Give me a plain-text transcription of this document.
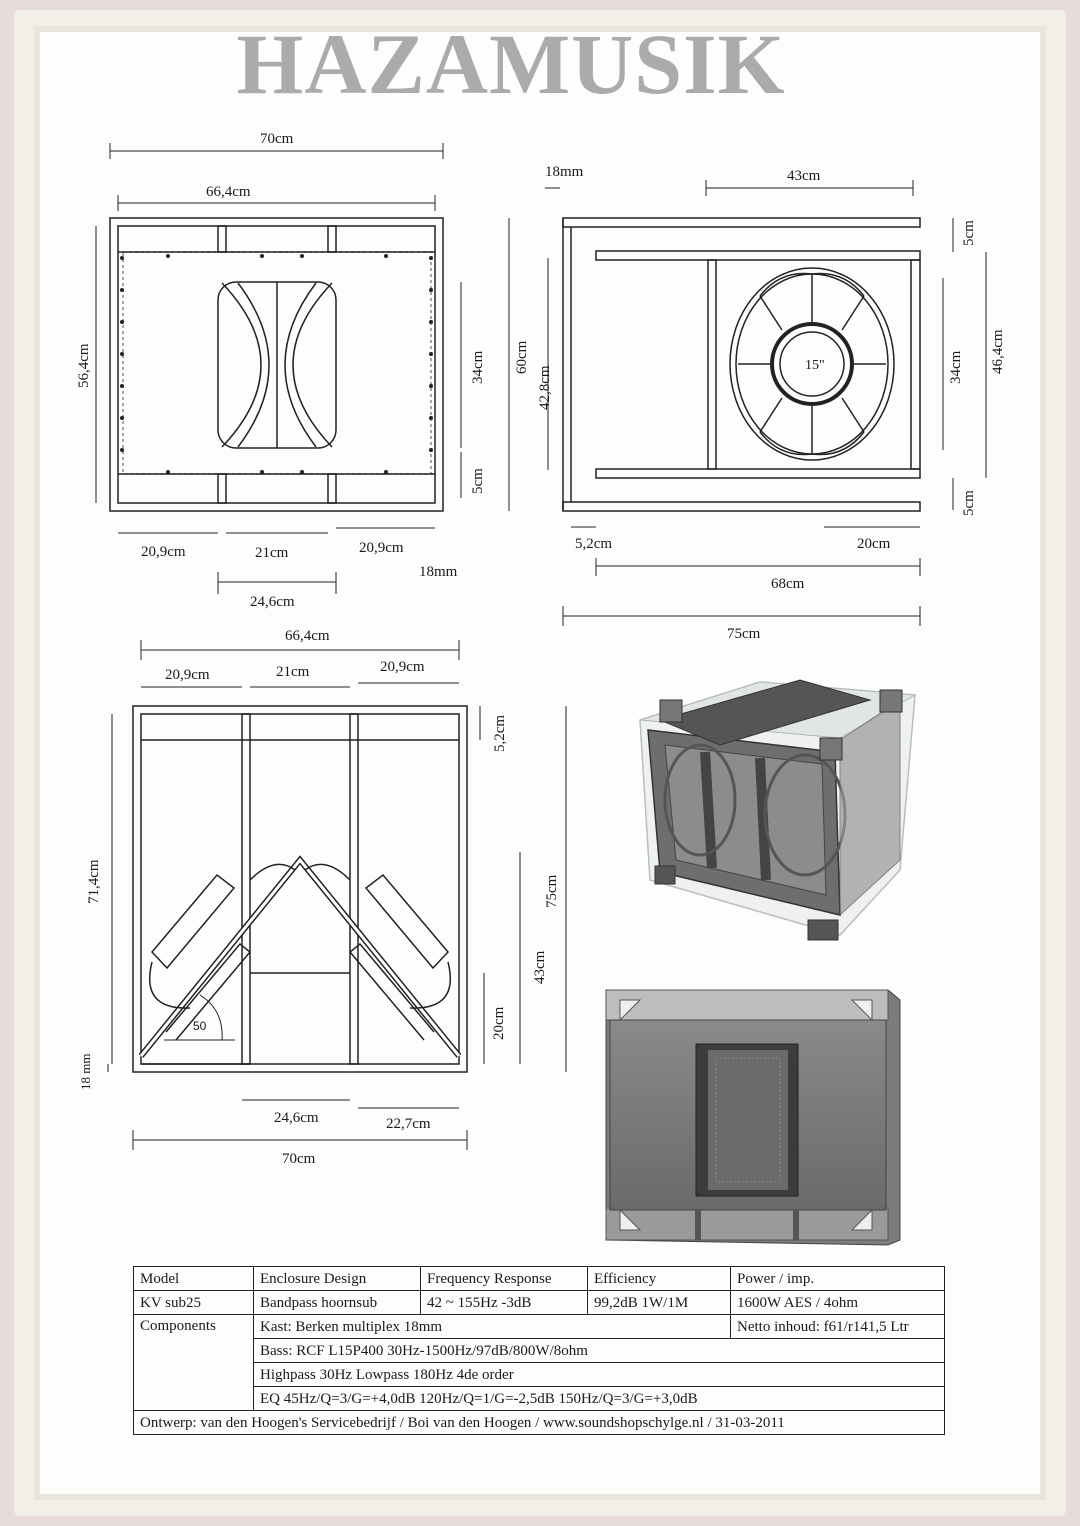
HAZAMUSIK
70cm
66,4cm
56,4cm	34cm 60cm
5cm
20,9cm	21cm	20,9cm
18mm
24,6cm
18mm	43cm
5cm
42,8cm	34cm 46,4cm
5cm
5,2cm	20cm
68cm
75cm
15"
66,4cm
20,9cm	21cm	20,9cm
5,2cm
71,4cm	75cm
43cm
20cm
18 mm
50
24,6cm	22,7cm
70cm
Model	Enclosure Design	Frequency Response	Efficiency	Power / imp.
KV sub25	Bandpass hoornsub	42 ~ 155Hz -3dB	99,2dB 1W/1M	1600W AES / 4ohm
Components	Kast: Berken multiplex 18mm			Netto inhoud: f61/r141,5 Ltr
	Bass: RCF L15P400 30Hz-1500Hz/97dB/800W/8ohm			
	Highpass 30Hz Lowpass 180Hz 4de order			
	EQ 45Hz/Q=3/G=+4,0dB 120Hz/Q=1/G=-2,5dB 150Hz/Q=3/G=+3,0dB			
Ontwerp: van den Hoogen's Servicebedrijf / Boi van den Hoogen / www.soundshopschylge.nl / 31-03-2011				
